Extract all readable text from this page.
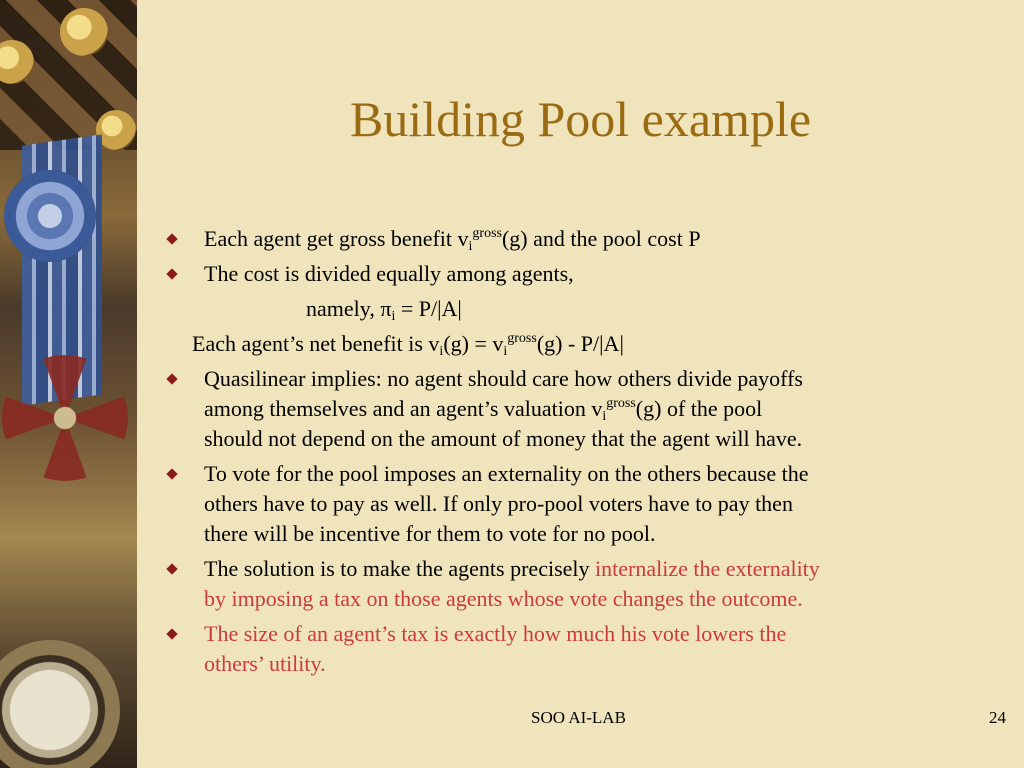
Building Pool example
Each agent get gross benefit $v_i^{gross}(g)$ and the pool cost P
The cost is divided equally among agents,
namely, $\pi_i = P/|A|$
Each agent’s net benefit is $v_i(g) = v_i^{gross}(g) - P/|A|$
Quasilinear implies: no agent should care how others divide payoffs
among themselves and an agent’s valuation $v_i^{gross}(g)$ of the pool
should not depend on the amount of money that the agent will have.
To vote for the pool imposes an externality on the others because the
others have to pay as well. If only pro-pool voters have to pay then
there will be incentive for them to vote for no pool.
The solution is to make the agents precisely internalize the externality
by imposing a tax on those agents whose vote changes the outcome.
The size of an agent’s tax is exactly how much his vote lowers the
others’ utility.
SOO AI-LAB	24
